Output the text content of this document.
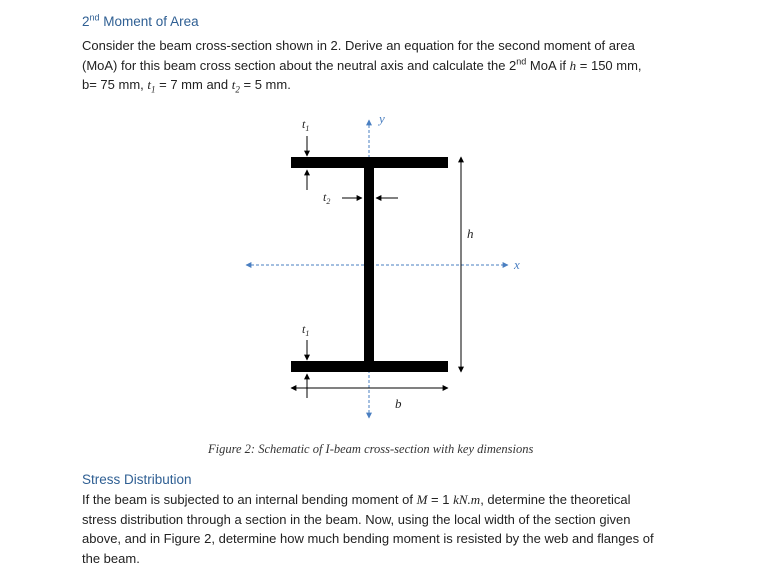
2nd Moment of Area
Consider the beam cross-section shown in 2. Derive an equation for the second moment of area
(MoA) for this beam cross section about the neutral axis and calculate the 2nd MoA if h = 150 mm,
b= 75 mm, $t_1 = 7$ mm and $t_2 = 5$ mm.
x
y
h
b
$t_1$
$t_2$
$t_1$
Figure 2: Schematic of I-beam cross-section with key dimensions
Stress Distribution
If the beam is subjected to an internal bending moment of M = 1 kN.m, determine the theoretical
stress distribution through a section in the beam. Now, using the local width of the section given
above, and in Figure 2, determine how much bending moment is resisted by the web and flanges of
the beam.
